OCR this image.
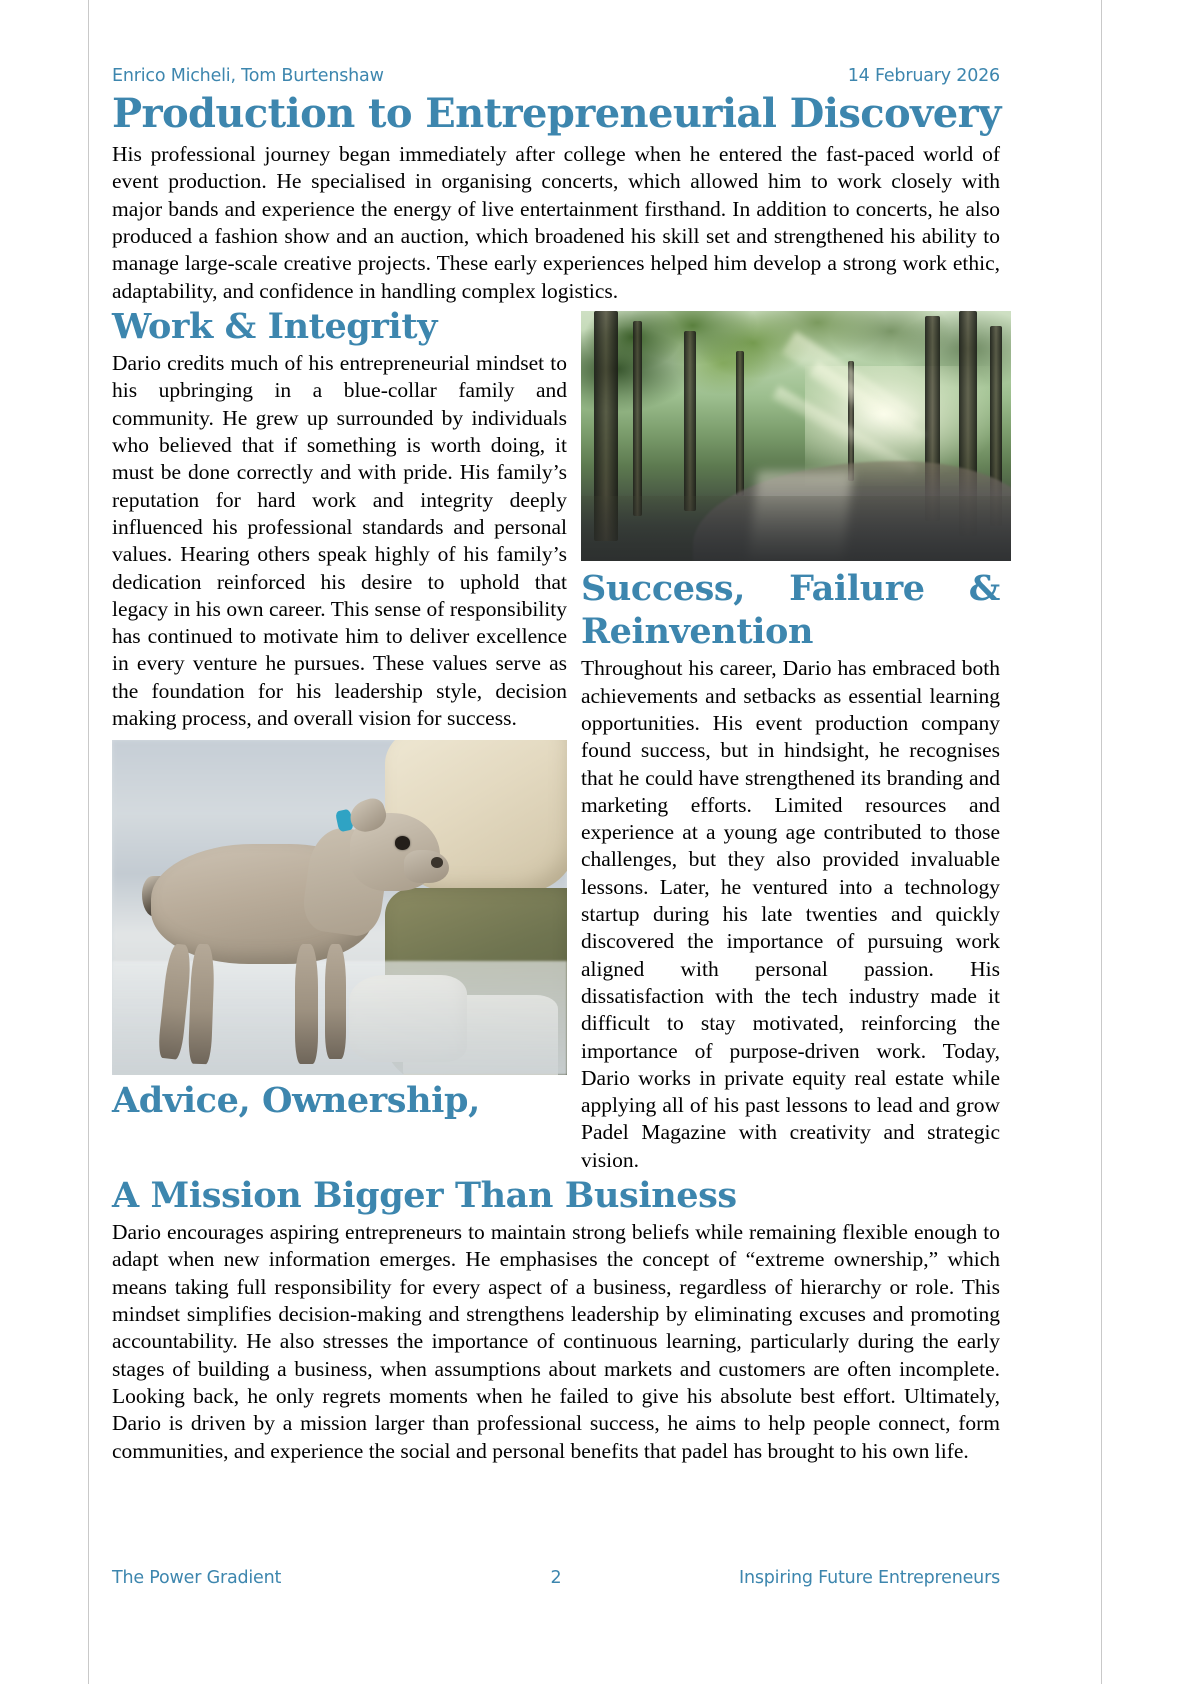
Enrico Micheli, Tom Burtenshaw	14 February 2026
Production to Entrepreneurial Discovery

His professional journey began immediately after college when he entered the fast-paced world of event production. He specialised in organising concerts, which allowed him to work closely with major bands and experience the energy of live entertainment firsthand. In addition to concerts, he also produced a fashion show and an auction, which broadened his skill set and strengthened his ability to manage large-scale creative projects. These early experiences helped him develop a strong work ethic, adaptability, and confidence in handling complex logistics.

Success, Failure &
Reinvention

Throughout his career, Dario has embraced both achievements and setbacks as essential learning opportunities. His event production company found success, but in hindsight, he recognises that he could have strengthened its branding and marketing efforts. Limited resources and experience at a young age contributed to those challenges, but they also provided invaluable lessons. Later, he ventured into a technology startup during his late twenties and quickly discovered the importance of pursuing work aligned with personal passion. His dissatisfaction with the tech industry made it difficult to stay motivated, reinforcing the importance of purpose-driven work. Today, Dario works in private equity real estate while applying all of his past lessons to lead and grow Padel Magazine with creativity and strategic vision.

Work & Integrity

Dario credits much of his entrepreneurial mindset to his upbringing in a blue-collar family and community. He grew up surrounded by individuals who believed that if something is worth doing, it must be done correctly and with pride. His family’s reputation for hard work and integrity deeply influenced his professional standards and personal values. Hearing others speak highly of his family’s dedication reinforced his desire to uphold that legacy in his own career. This sense of responsibility has continued to motivate him to deliver excellence in every venture he pursues. These values serve as the foundation for his leadership style, decision making process, and overall vision for success.

Advice, Ownership,
A Mission Bigger Than Business

Dario encourages aspiring entrepreneurs to maintain strong beliefs while remaining flexible enough to adapt when new information emerges. He emphasises the concept of “extreme ownership,” which means taking full responsibility for every aspect of a business, regardless of hierarchy or role. This mindset simplifies decision-making and strengthens leadership by eliminating excuses and promoting accountability. He also stresses the importance of continuous learning, particularly during the early stages of building a business, when assumptions about markets and customers are often incomplete. Looking back, he only regrets moments when he failed to give his absolute best effort. Ultimately, Dario is driven by a mission larger than professional success, he aims to help people connect, form communities, and experience the social and personal benefits that padel has brought to his own life.

The Power Gradient	2	Inspiring Future Entrepreneurs
